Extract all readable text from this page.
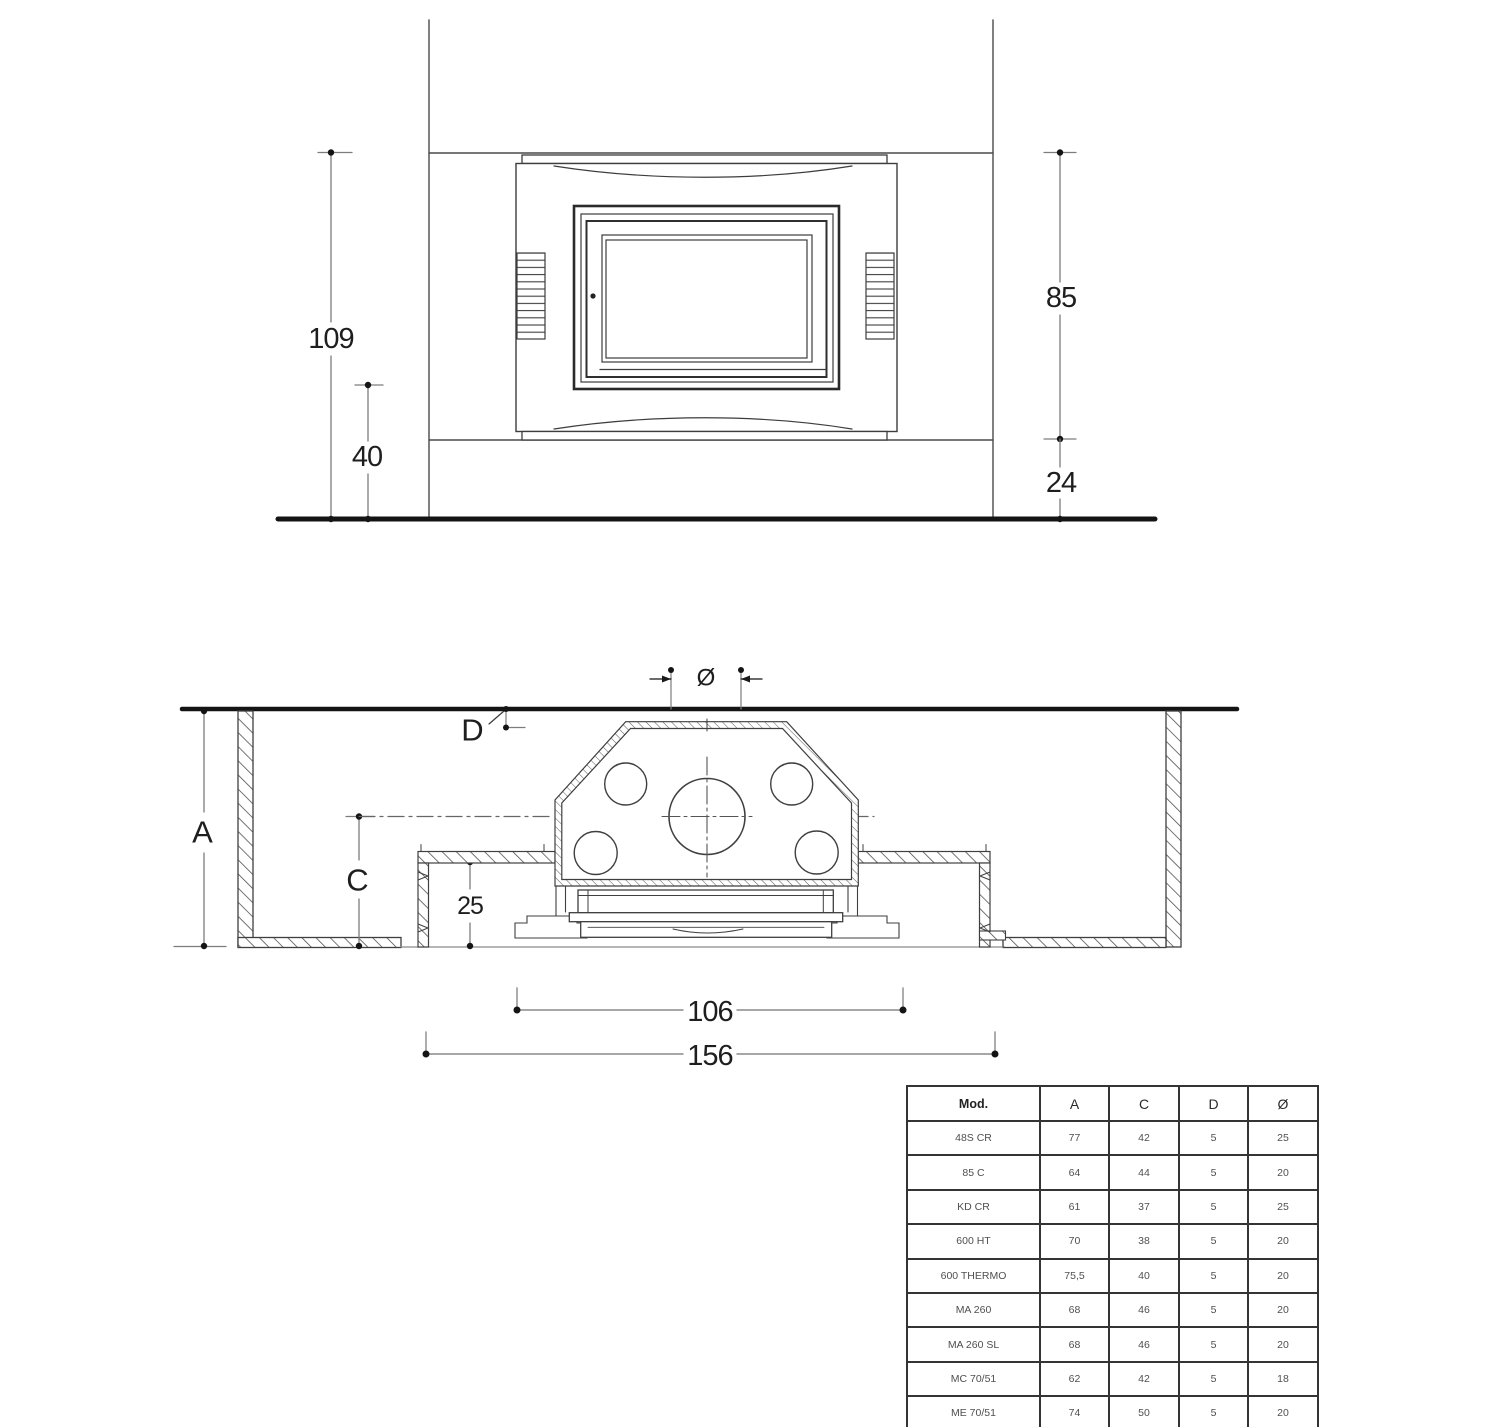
109
40
85
24
Ø
D
A
C
25
106
156
Mod.	A	C	D	Ø
48S CR	77	42	5	25
85 C	64	44	5	20
KD CR	61	37	5	25
600 HT	70	38	5	20
600 THERMO	75,5	40	5	20
MA 260	68	46	5	20
MA 260 SL	68	46	5	20
MC 70/51	62	42	5	18
ME 70/51	74	50	5	20
